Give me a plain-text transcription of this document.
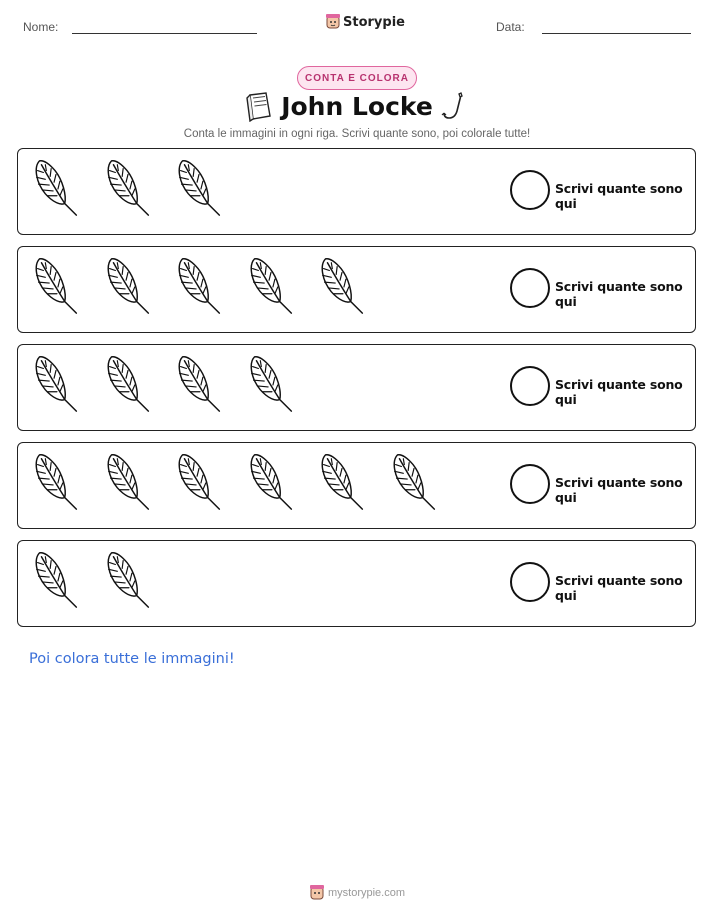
Nome:	Storypie	Data:
CONTA E COLORA
John Locke
Conta le immagini in ogni riga. Scrivi quante sono, poi colorale tutte!
Scrivi quante sono qui
Scrivi quante sono qui
Scrivi quante sono qui
Scrivi quante sono qui
Scrivi quante sono qui
Poi colora tutte le immagini!
mystorypie.com
